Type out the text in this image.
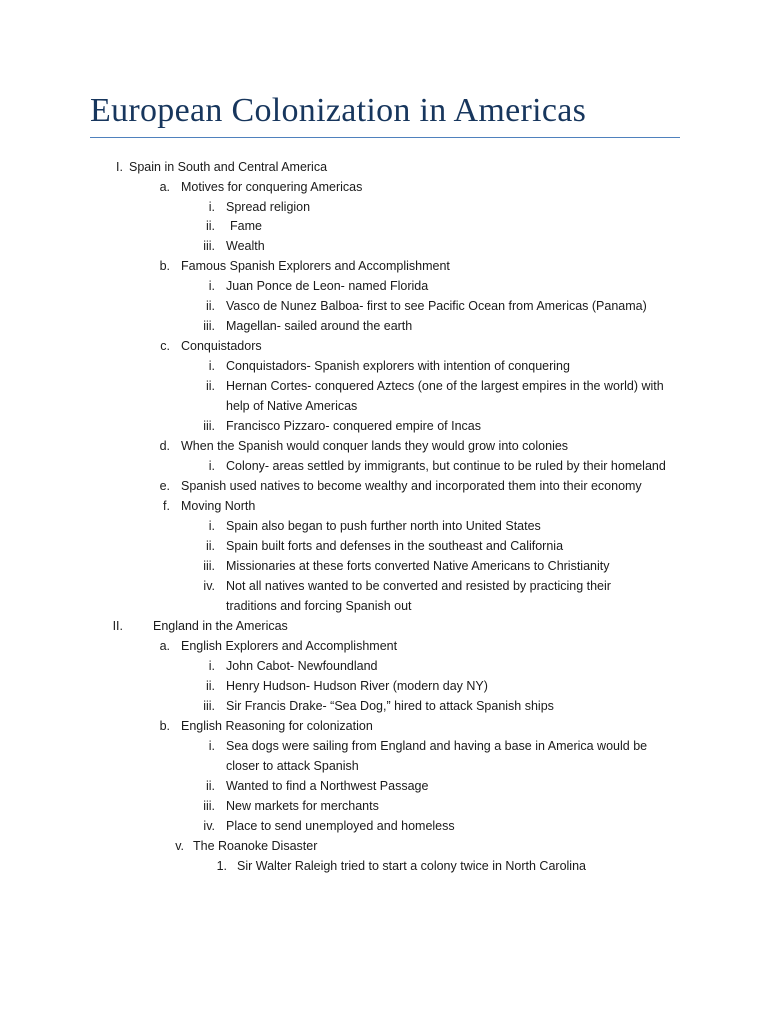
European Colonization in Americas
I. Spain in South and Central America
a. Motives for conquering Americas
i. Spread religion
ii. Fame
iii. Wealth
b. Famous Spanish Explorers and Accomplishment
i. Juan Ponce de Leon- named Florida
ii. Vasco de Nunez Balboa- first to see Pacific Ocean from Americas (Panama)
iii. Magellan- sailed around the earth
c. Conquistadors
i. Conquistadors- Spanish explorers with intention of conquering
ii. Hernan Cortes- conquered Aztecs (one of the largest empires in the world) with
help of Native Americas
iii. Francisco Pizzaro- conquered empire of Incas
d. When the Spanish would conquer lands they would grow into colonies
i. Colony- areas settled by immigrants, but continue to be ruled by their homeland
e. Spanish used natives to become wealthy and incorporated them into their economy
f. Moving North
i. Spain also began to push further north into United States
ii. Spain built forts and defenses in the southeast and California
iii. Missionaries at these forts converted Native Americans to Christianity
iv. Not all natives wanted to be converted and resisted by practicing their
traditions and forcing Spanish out
II. England in the Americas
a. English Explorers and Accomplishment
i. John Cabot- Newfoundland
ii. Henry Hudson- Hudson River (modern day NY)
iii. Sir Francis Drake- “Sea Dog,” hired to attack Spanish ships
b. English Reasoning for colonization
i. Sea dogs were sailing from England and having a base in America would be
closer to attack Spanish
ii. Wanted to find a Northwest Passage
iii. New markets for merchants
iv. Place to send unemployed and homeless
v. The Roanoke Disaster
1. Sir Walter Raleigh tried to start a colony twice in North Carolina
